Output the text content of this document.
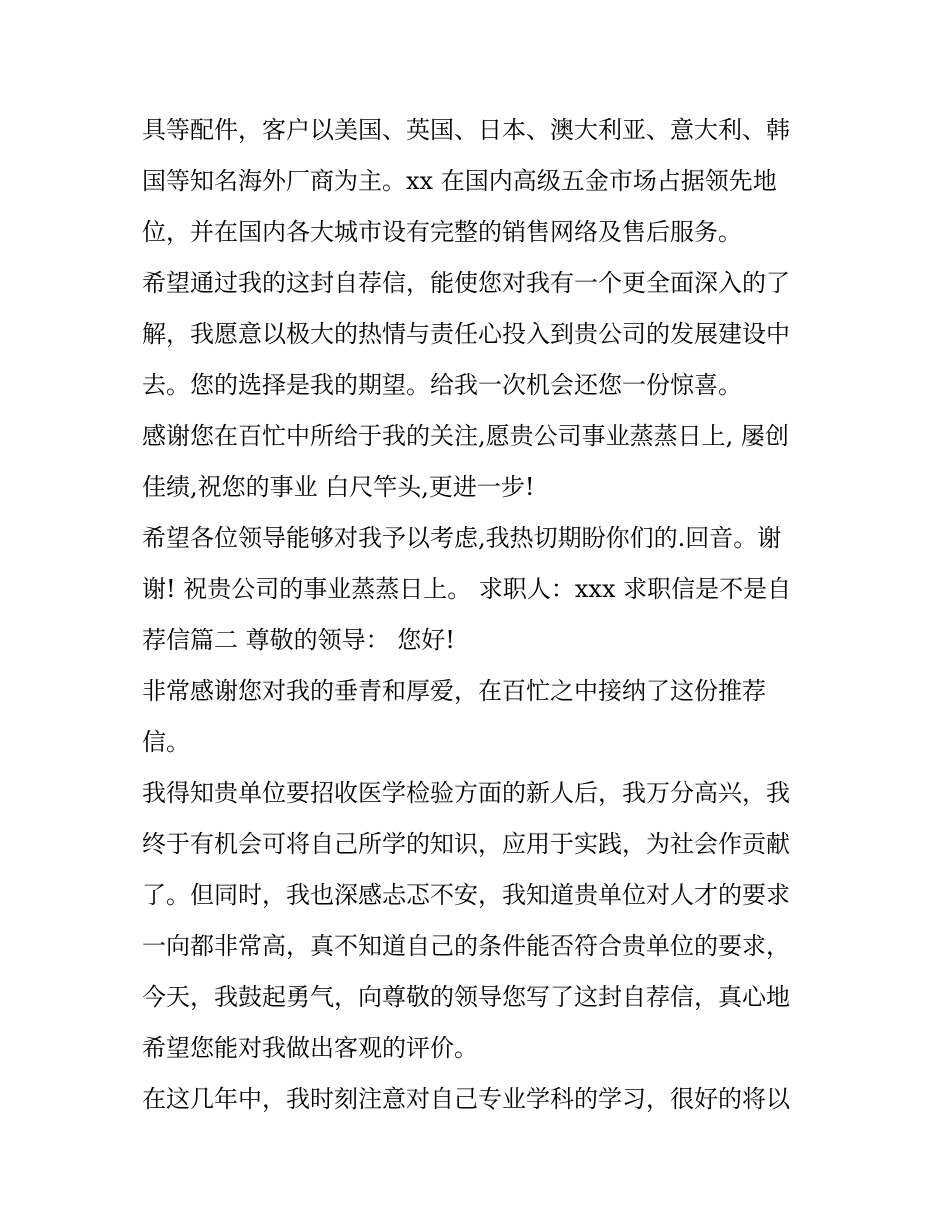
具等配件，客户以美国、英国、日本、澳大利亚、意大利、韩
国等知名海外厂商为主。xx 在国内高级五金市场占据领先地
位，并在国内各大城市设有完整的销售网络及售后服务。
希望通过我的这封自荐信，能使您对我有一个更全面深入的了
解，我愿意以极大的热情与责任心投入到贵公司的发展建设中
去。您的选择是我的期望。给我一次机会还您一份惊喜。
感谢您在百忙中所给于我的关注,愿贵公司事业蒸蒸日上, 屡创
佳绩,祝您的事业 白尺竿头,更进一步!
希望各位领导能够对我予以考虑,我热切期盼你们的.回音。谢
谢! 祝贵公司的事业蒸蒸日上。 求职人：xxx 求职信是不是自
荐信篇二 尊敬的领导： 您好!
非常感谢您对我的垂青和厚爱，在百忙之中接纳了这份推荐
信。
我得知贵单位要招收医学检验方面的新人后，我万分高兴，我
终于有机会可将自己所学的知识，应用于实践，为社会作贡献
了。但同时，我也深感忐忑不安，我知道贵单位对人才的要求
一向都非常高，真不知道自己的条件能否符合贵单位的要求，
今天，我鼓起勇气，向尊敬的领导您写了这封自荐信，真心地
希望您能对我做出客观的评价。
在这几年中，我时刻注意对自己专业学科的学习，很好的将以
